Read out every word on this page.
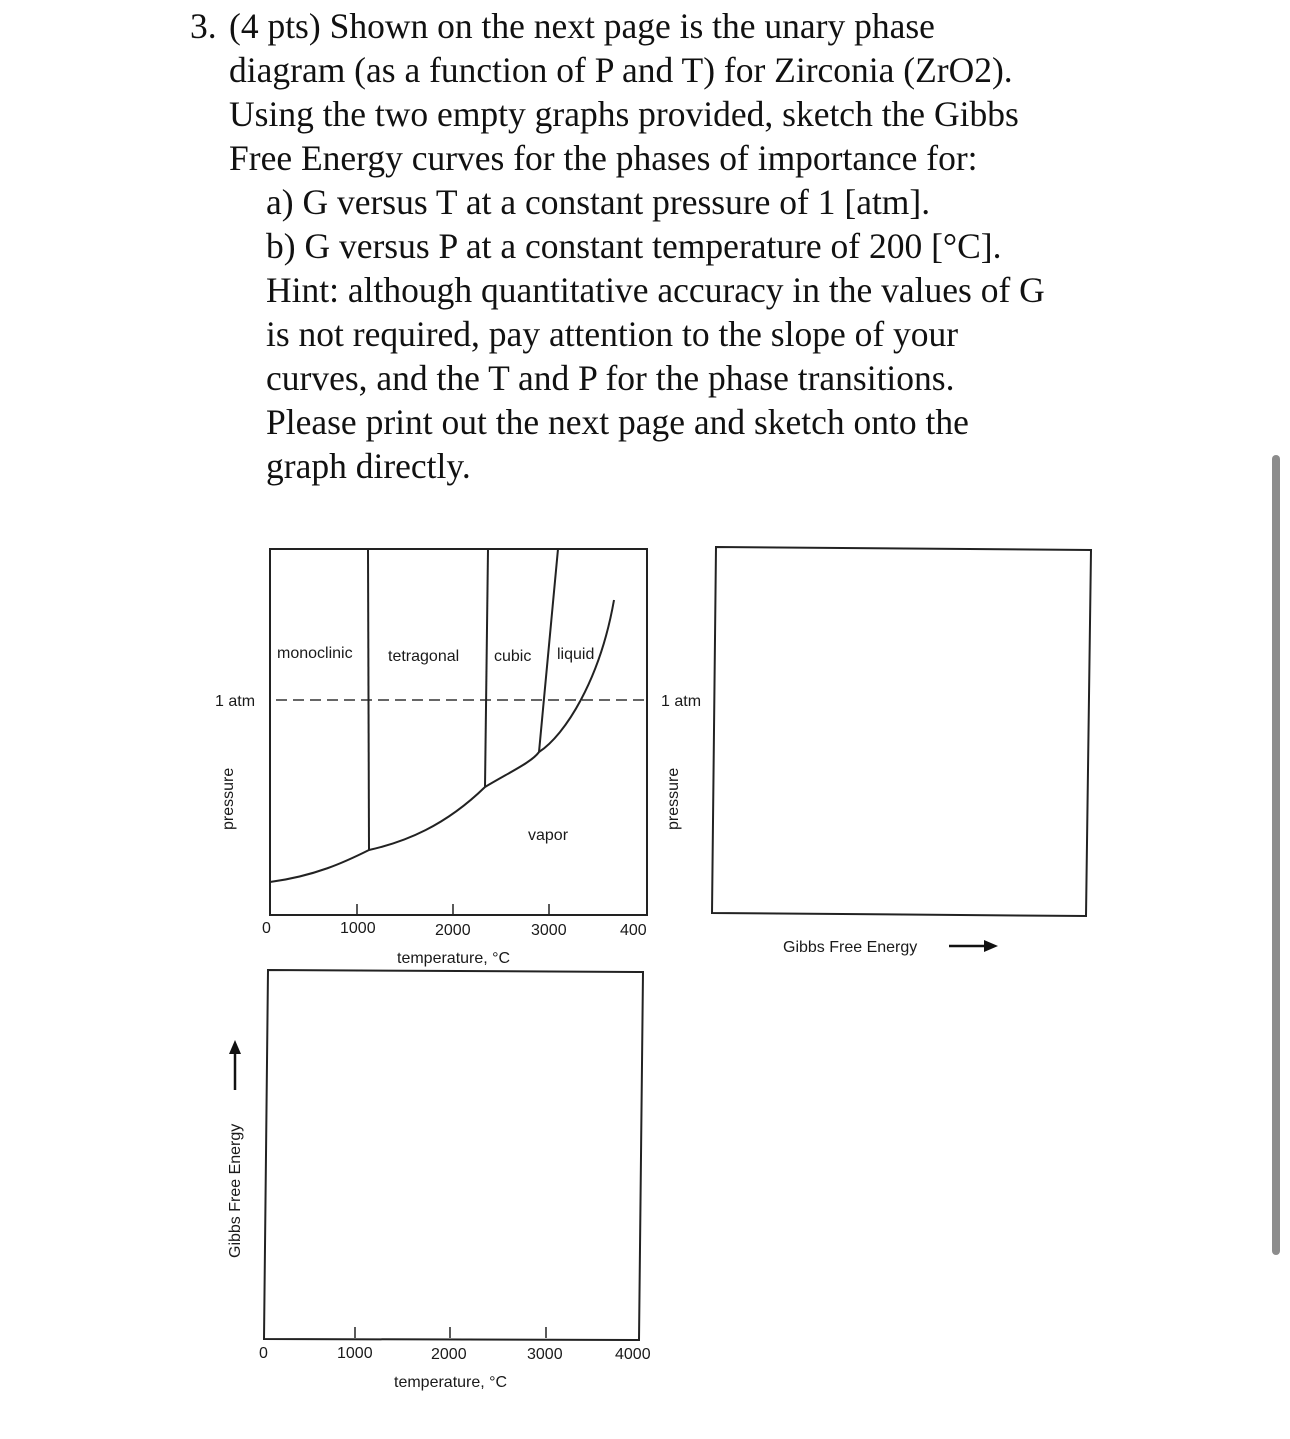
3. (4 pts) Shown on the next page is the unary phase
diagram (as a function of P and T) for Zirconia (ZrO2).
Using the two empty graphs provided, sketch the Gibbs
Free Energy curves for the phases of importance for:
a) G versus T at a constant pressure of 1 [atm].
b) G versus P at a constant temperature of 200 [°C].
Hint: although quantitative accuracy in the values of G
is not required, pay attention to the slope of your
curves, and the T and P for the phase transitions.
Please print out the next page and sketch onto the
graph directly.
monoclinic tetragonal cubic liquid
vapor
1 atm
pressure
0	1000	2000	3000	400
temperature, °C
1 atm
pressure
Gibbs Free Energy
Gibbs Free Energy
0	1000	2000	3000	4000
temperature, °C
